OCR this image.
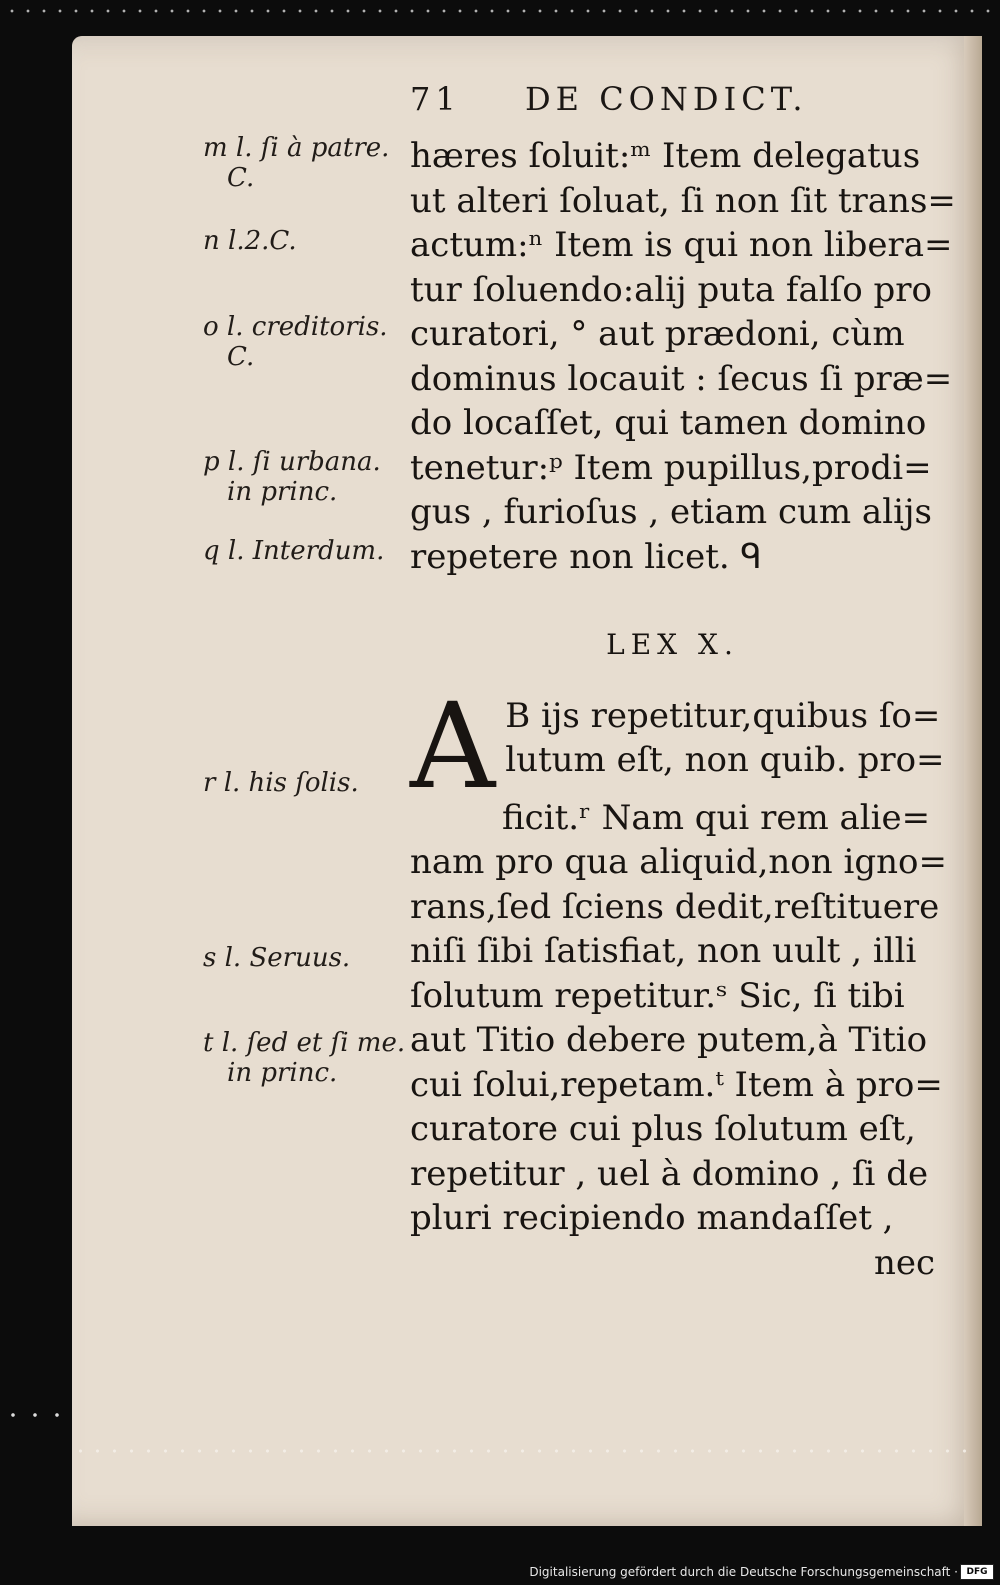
71 DE CONDICT.
m l. ſi à patre.
C.
n l.2.C.
o l. creditoris.
C.
p l. ſi urbana.
in princ.
q l. Interdum.
r l. his ſolis.
s l. Seruus.
t l. ſed et ſi me.
in princ.
hæres ſoluit:ᵐ Item delegatus
ut alteri ſoluat, ſi non ſit trans=
actum:ⁿ Item is qui non libera=
tur ſoluendo:alij puta falſo pro
curatori, ° aut prædoni, cùm
dominus locauit : ſecus ſi præ=
do locaſſet, qui tamen domino
tenetur:ᵖ Item pupillus,prodi=
gus , furioſus , etiam cum alijs
repetere non licet. ᑫ
LEX X.
A B ijs repetitur,quibus ſo=
lutum eſt, non quib. pro=
ficit.ʳ Nam qui rem alie=
nam pro qua aliquid,non igno=
rans,ſed ſciens dedit,reſtituere
niſi ſibi ſatisfiat, non uult , illi
ſolutum repetitur.ˢ Sic, ſi tibi
aut Titio debere putem,à Titio
cui ſolui,repetam.ᵗ Item à pro=
curatore cui plus ſolutum eſt,
repetitur , uel à domino , ſi de
pluri recipiendo mandaſſet ,
nec
Digitalisierung gefördert durch die Deutsche Forschungsgemeinschaft · DFG
